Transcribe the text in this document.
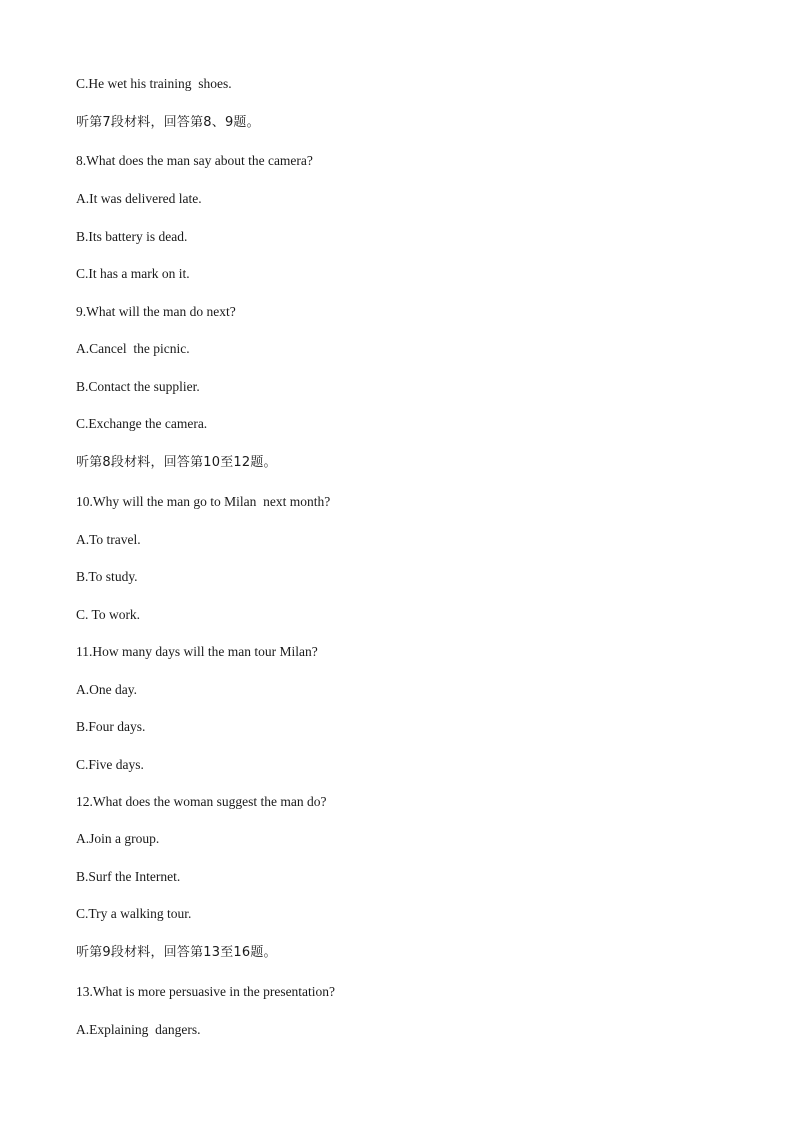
C.He wet his training  shoes.
听第7段材料，回答第8、9题。
8.What does the man say about the camera?
A.It was delivered late.
B.Its battery is dead.
C.It has a mark on it.
9.What will the man do next?
A.Cancel  the picnic.
B.Contact the supplier.
C.Exchange the camera.
听第8段材料，回答第10至12题。
10.Why will the man go to Milan  next month?
A.To travel.
B.To study.
C. To work.
11.How many days will the man tour Milan?
A.One day.
B.Four days.
C.Five days.
12.What does the woman suggest the man do?
A.Join a group.
B.Surf the Internet.
C.Try a walking tour.
听第9段材料，回答第13至16题。
13.What is more persuasive in the presentation?
A.Explaining  dangers.
